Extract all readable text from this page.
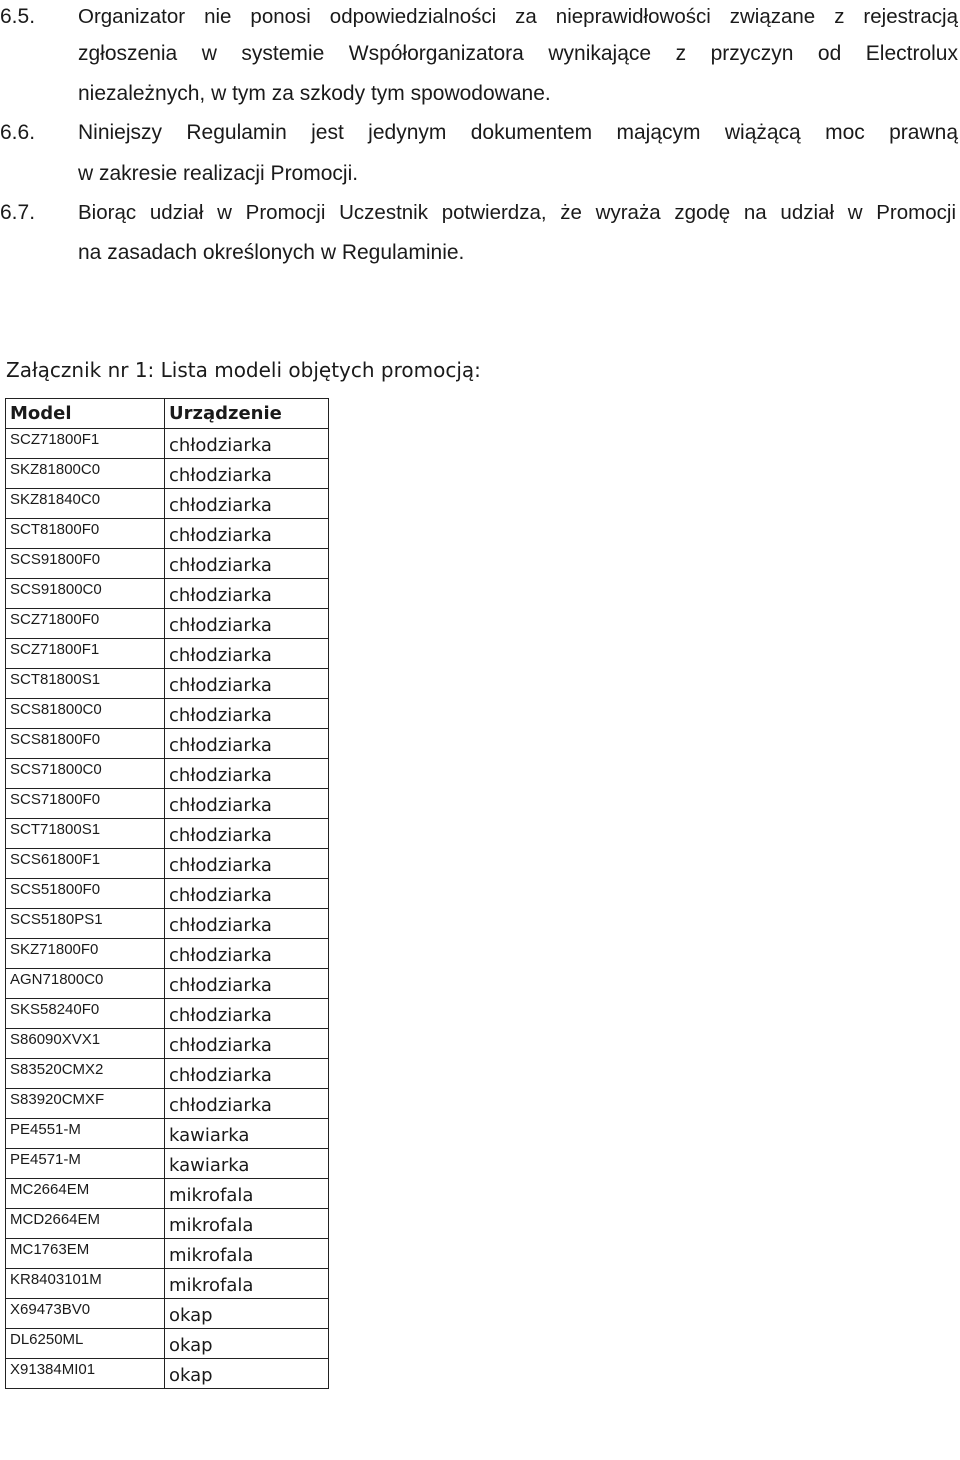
6.5.	Organizator nie ponosi odpowiedzialności za nieprawidłowości związane z rejestracją
zgłoszenia w systemie Współorganizatora wynikające z przyczyn od Electrolux
niezależnych, w tym za szkody tym spowodowane.
6.6.	Niniejszy Regulamin jest jedynym dokumentem mającym wiążącą moc prawną
w zakresie realizacji Promocji.
6.7.	Biorąc udział w Promocji Uczestnik potwierdza, że wyraża zgodę na udział w Promocji
na zasadach określonych w Regulaminie.
Załącznik nr 1: Lista modeli objętych promocją:
Model	Urządzenie
SCZ71800F1	chłodziarka
SKZ81800C0	chłodziarka
SKZ81840C0	chłodziarka
SCT81800F0	chłodziarka
SCS91800F0	chłodziarka
SCS91800C0	chłodziarka
SCZ71800F0	chłodziarka
SCZ71800F1	chłodziarka
SCT81800S1	chłodziarka
SCS81800C0	chłodziarka
SCS81800F0	chłodziarka
SCS71800C0	chłodziarka
SCS71800F0	chłodziarka
SCT71800S1	chłodziarka
SCS61800F1	chłodziarka
SCS51800F0	chłodziarka
SCS5180PS1	chłodziarka
SKZ71800F0	chłodziarka
AGN71800C0	chłodziarka
SKS58240F0	chłodziarka
S86090XVX1	chłodziarka
S83520CMX2	chłodziarka
S83920CMXF	chłodziarka
PE4551-M	kawiarka
PE4571-M	kawiarka
MC2664EM	mikrofala
MCD2664EM	mikrofala
MC1763EM	mikrofala
KR8403101M	mikrofala
X69473BV0	okap
DL6250ML	okap
X91384MI01	okap
